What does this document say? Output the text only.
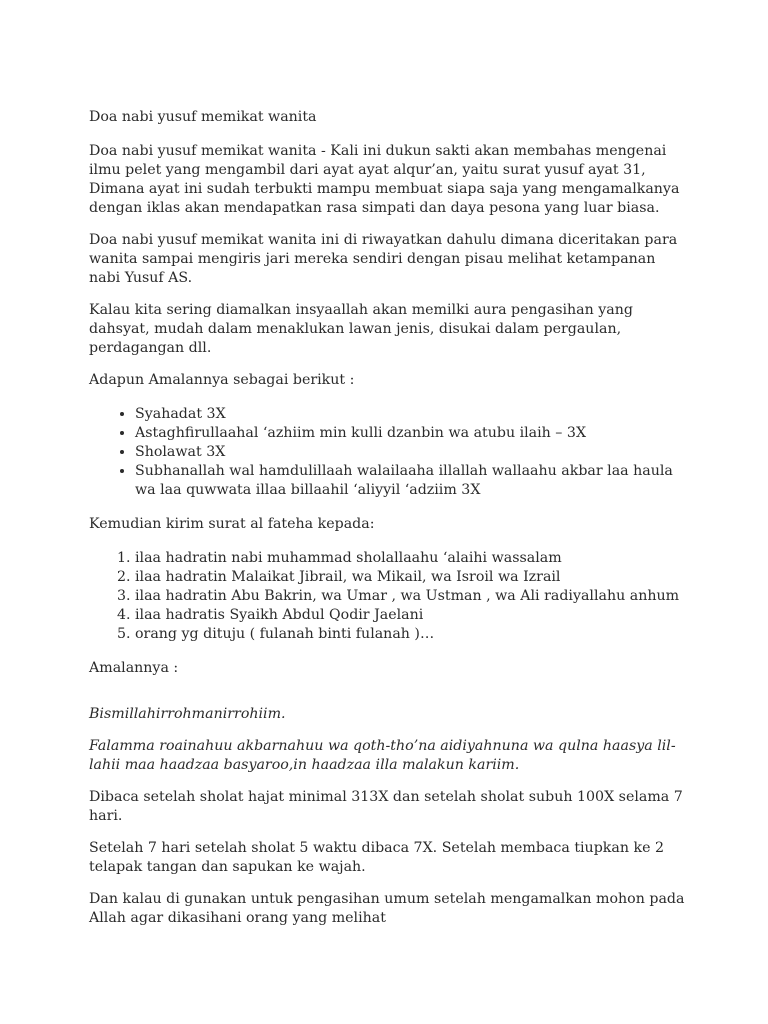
Doa nabi yusuf memikat wanita

Doa nabi yusuf memikat wanita - Kali ini dukun sakti akan membahas mengenai ilmu pelet yang mengambil dari ayat ayat alqur’an, yaitu surat yusuf ayat 31, Dimana ayat ini sudah terbukti mampu membuat siapa saja yang mengamalkanya dengan iklas akan mendapatkan rasa simpati dan daya pesona yang luar biasa.

Doa nabi yusuf memikat wanita ini di riwayatkan dahulu dimana diceritakan para wanita sampai mengiris jari mereka sendiri dengan pisau melihat ketampanan nabi Yusuf AS.

Kalau kita sering diamalkan insyaallah akan memilki aura pengasihan yang dahsyat, mudah dalam menaklukan lawan jenis, disukai dalam pergaulan, perdagangan dll.

Adapun Amalannya sebagai berikut :

• Syahadat 3X
• Astaghfirullaahal ‘azhiim min kulli dzanbin wa atubu ilaih – 3X
• Sholawat 3X
• Subhanallah wal hamdulillaah walailaaha illallah wallaahu akbar laa haula wa laa quwwata illaa billaahil ‘aliyyil ‘adziim 3X

Kemudian kirim surat al fateha kepada:

1. ilaa hadratin nabi muhammad sholallaahu ‘alaihi wassalam
2. ilaa hadratin Malaikat Jibrail, wa Mikail, wa Isroil wa Izrail
3. ilaa hadratin Abu Bakrin, wa Umar , wa Ustman , wa Ali radiyallahu anhum
4. ilaa hadratis Syaikh Abdul Qodir Jaelani
5. orang yg dituju ( fulanah binti fulanah )…

Amalannya :

Bismillahirrohmanirrohiim.

Falamma roainahuu akbarnahuu wa qoth-tho’na aidiyahnuna wa qulna haasya lil-lahii maa haadzaa basyaroo,in haadzaa illa malakun kariim.

Dibaca setelah sholat hajat minimal 313X dan setelah sholat subuh 100X selama 7 hari.

Setelah 7 hari setelah sholat 5 waktu dibaca 7X. Setelah membaca tiupkan ke 2 telapak tangan dan sapukan ke wajah.

Dan kalau di gunakan untuk pengasihan umum setelah mengamalkan mohon pada Allah agar dikasihani orang yang melihat
